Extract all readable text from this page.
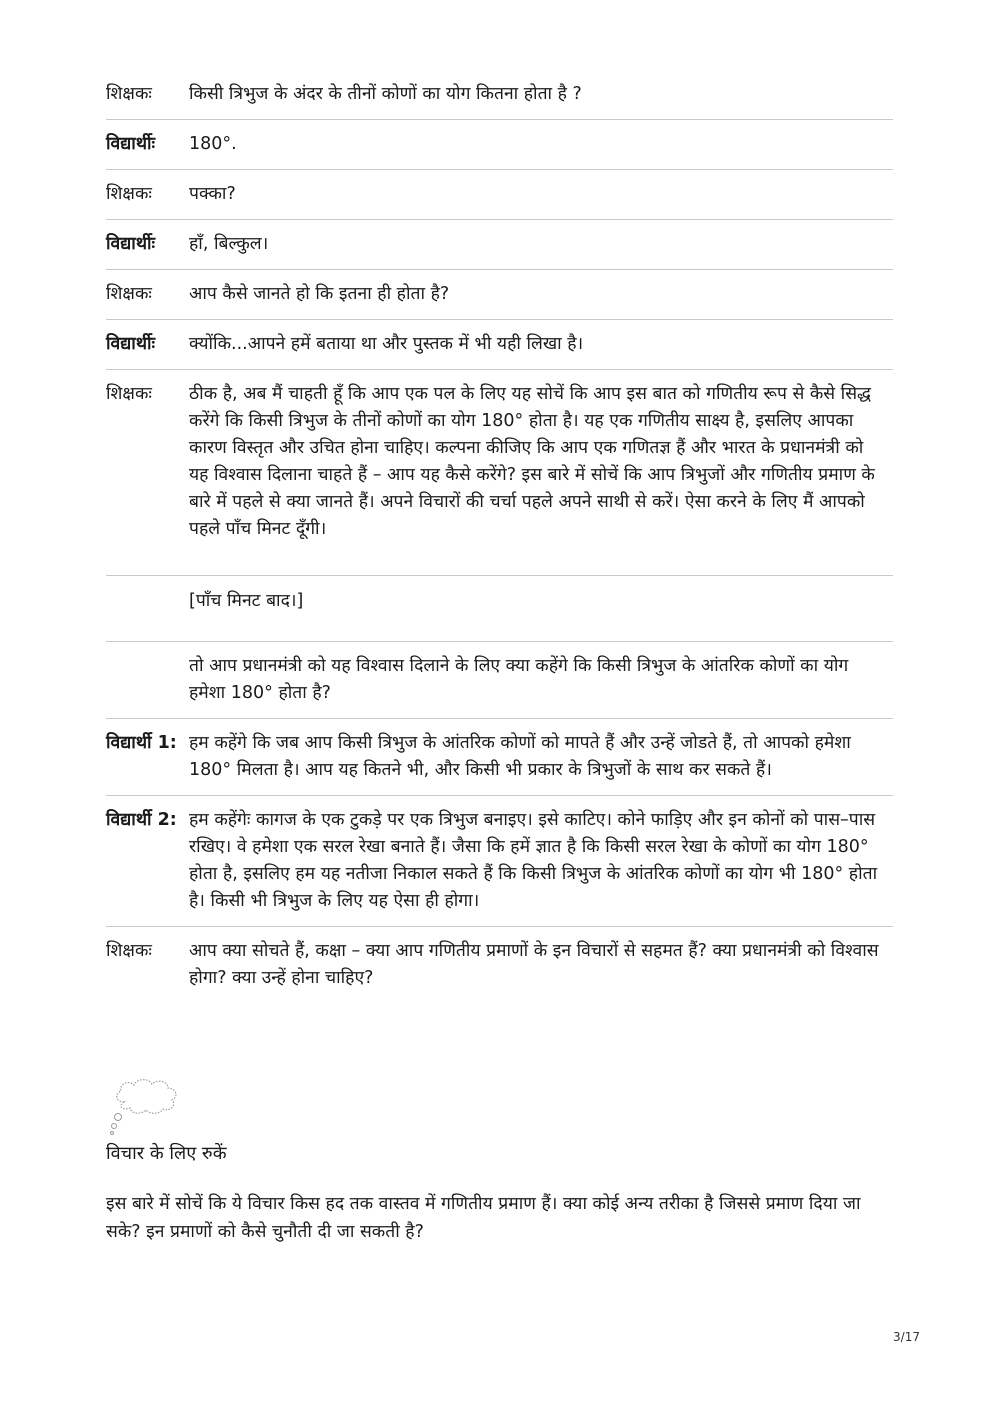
शिक्षकः	किसी त्रिभुज के अंदर के तीनों कोणों का योग कितना होता है ?
विद्यार्थीः	180°.
शिक्षकः	पक्का?
विद्यार्थीः	हाँ, बिल्कुल।
शिक्षकः	आप कैसे जानते हो कि इतना ही होता है?
विद्यार्थीः	क्योंकि...आपने हमें बताया था और पुस्तक में भी यही लिखा है।
शिक्षकः	ठीक है, अब मैं चाहती हूँ कि आप एक पल के लिए यह सोचें कि आप इस बात को गणितीय रूप से कैसे सिद्ध करेंगे कि किसी त्रिभुज के तीनों कोणों का योग 180° होता है। यह एक गणितीय साक्ष्य है, इसलिए आपका कारण विस्तृत और उचित होना चाहिए। कल्पना कीजिए कि आप एक गणितज्ञ हैं और भारत के प्रधानमंत्री को यह विश्वास दिलाना चाहते हैं – आप यह कैसे करेंगे? इस बारे में सोचें कि आप त्रिभुजों और गणितीय प्रमाण के बारे में पहले से क्या जानते हैं। अपने विचारों की चर्चा पहले अपने साथी से करें। ऐसा करने के लिए मैं आपको पहले पाँच मिनट दूँगी।
[पाँच मिनट बाद।]
तो आप प्रधानमंत्री को यह विश्वास दिलाने के लिए क्या कहेंगे कि किसी त्रिभुज के आंतरिक कोणों का योग हमेशा 180° होता है?
विद्यार्थी 1: हम कहेंगे कि जब आप किसी त्रिभुज के आंतरिक कोणों को मापते हैं और उन्हें जोडते हैं, तो आपको हमेशा 180° मिलता है। आप यह कितने भी, और किसी भी प्रकार के त्रिभुजों के साथ कर सकते हैं।
विद्यार्थी 2: हम कहेंगेः कागज के एक टुकड़े पर एक त्रिभुज बनाइए। इसे काटिए। कोने फाड़िए और इन कोनों को पास–पास रखिए। वे हमेशा एक सरल रेखा बनाते हैं। जैसा कि हमें ज्ञात है कि किसी सरल रेखा के कोणों का योग 180° होता है, इसलिए हम यह नतीजा निकाल सकते हैं कि किसी त्रिभुज के आंतरिक कोणों का योग भी 180° होता है। किसी भी त्रिभुज के लिए यह ऐसा ही होगा।
शिक्षकः	आप क्या सोचते हैं, कक्षा – क्या आप गणितीय प्रमाणों के इन विचारों से सहमत हैं? क्या प्रधानमंत्री को विश्वास होगा? क्या उन्हें होना चाहिए?
विचार के लिए रुकें
इस बारे में सोचें कि ये विचार किस हद तक वास्तव में गणितीय प्रमाण हैं। क्या कोई अन्य तरीका है जिससे प्रमाण दिया जा सके? इन प्रमाणों को कैसे चुनौती दी जा सकती है?
3/17
